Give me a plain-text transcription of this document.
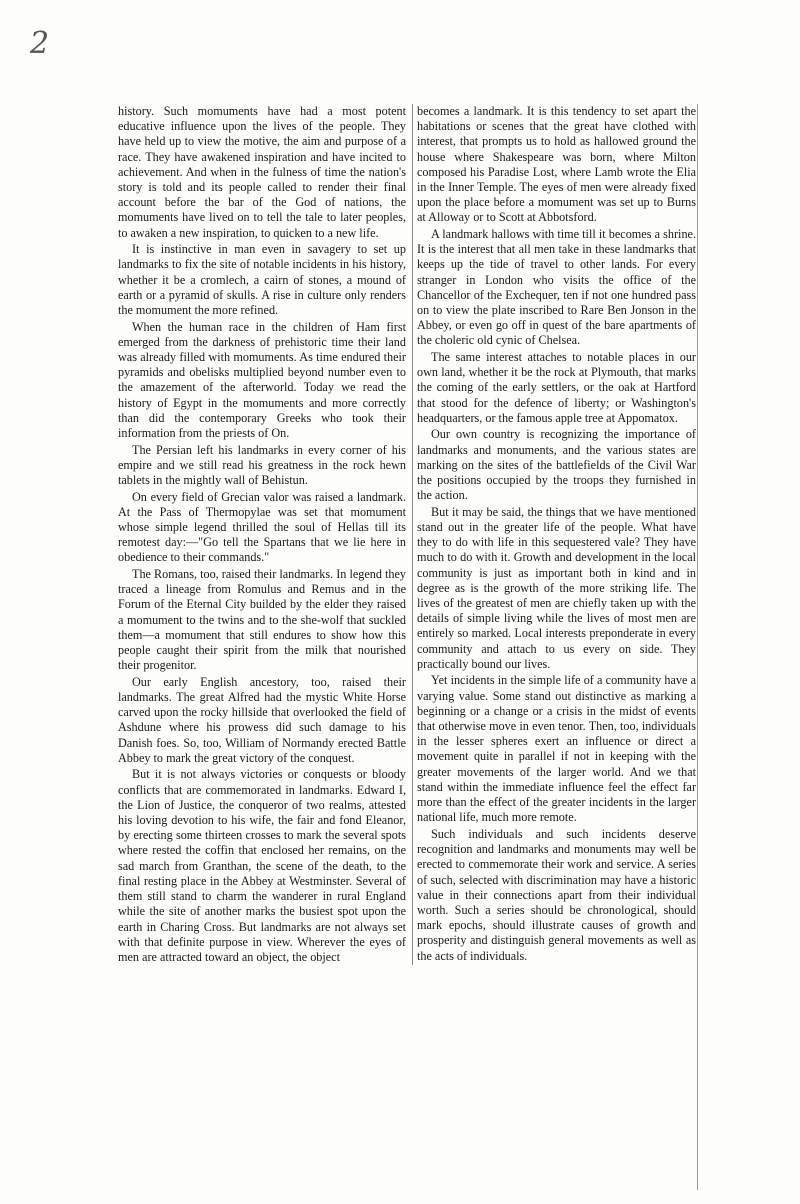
2

history. Such momuments have had a most potent educative influence upon the lives of the people. They have held up to view the motive, the aim and purpose of a race. They have awakened inspiration and have incited to achievement. And when in the fulness of time the nation's story is told and its people called to render their final account before the bar of the God of nations, the momuments have lived on to tell the tale to later peoples, to awaken a new inspiration, to quicken to a new life.

It is instinctive in man even in savagery to set up landmarks to fix the site of notable incidents in his history, whether it be a cromlech, a cairn of stones, a mound of earth or a pyramid of skulls. A rise in culture only renders the momument the more refined.

When the human race in the children of Ham first emerged from the darkness of prehistoric time their land was already filled with momuments. As time endured their pyramids and obelisks multiplied beyond number even to the amazement of the afterworld. Today we read the history of Egypt in the momuments and more correctly than did the contemporary Greeks who took their information from the priests of On.

The Persian left his landmarks in every corner of his empire and we still read his greatness in the rock hewn tablets in the mightly wall of Behistun.

On every field of Grecian valor was raised a landmark. At the Pass of Thermopylae was set that momument whose simple legend thrilled the soul of Hellas till its remotest day:—"Go tell the Spartans that we lie here in obedience to their commands."

The Romans, too, raised their landmarks. In legend they traced a lineage from Romulus and Remus and in the Forum of the Eternal City builded by the elder they raised a momument to the twins and to the she-wolf that suckled them—a momument that still endures to show how this people caught their spirit from the milk that nourished their progenitor.

Our early English ancestory, too, raised their landmarks. The great Alfred had the mystic White Horse carved upon the rocky hillside that overlooked the field of Ashdune where his prowess did such damage to his Danish foes. So, too, William of Normandy erected Battle Abbey to mark the great victory of the conquest.

But it is not always victories or conquests or bloody conflicts that are commemorated in landmarks. Edward I, the Lion of Justice, the conqueror of two realms, attested his loving devotion to his wife, the fair and fond Eleanor, by erecting some thirteen crosses to mark the several spots where rested the coffin that enclosed her remains, on the sad march from Granthan, the scene of the death, to the final resting place in the Abbey at Westminster. Several of them still stand to charm the wanderer in rural England while the site of another marks the busiest spot upon the earth in Charing Cross. But landmarks are not always set with that definite purpose in view. Wherever the eyes of men are attracted toward an object, the object

becomes a landmark. It is this tendency to set apart the habitations or scenes that the great have clothed with interest, that prompts us to hold as hallowed ground the house where Shakespeare was born, where Milton composed his Paradise Lost, where Lamb wrote the Elia in the Inner Temple. The eyes of men were already fixed upon the place before a momument was set up to Burns at Alloway or to Scott at Abbotsford.

A landmark hallows with time till it becomes a shrine. It is the interest that all men take in these landmarks that keeps up the tide of travel to other lands. For every stranger in London who visits the office of the Chancellor of the Exchequer, ten if not one hundred pass on to view the plate inscribed to Rare Ben Jonson in the Abbey, or even go off in quest of the bare apartments of the choleric old cynic of Chelsea.

The same interest attaches to notable places in our own land, whether it be the rock at Plymouth, that marks the coming of the early settlers, or the oak at Hartford that stood for the defence of liberty; or Washington's headquarters, or the famous apple tree at Appomatox.

Our own country is recognizing the importance of landmarks and monuments, and the various states are marking on the sites of the battlefields of the Civil War the positions occupied by the troops they furnished in the action.

But it may be said, the things that we have mentioned stand out in the greater life of the people. What have they to do with life in this sequestered vale? They have much to do with it. Growth and development in the local community is just as important both in kind and in degree as is the growth of the more striking life. The lives of the greatest of men are chiefly taken up with the details of simple living while the lives of most men are entirely so marked. Local interests preponderate in every community and attach to us every on side. They practically bound our lives.

Yet incidents in the simple life of a community have a varying value. Some stand out distinctive as marking a beginning or a change or a crisis in the midst of events that otherwise move in even tenor. Then, too, individuals in the lesser spheres exert an influence or direct a movement quite in parallel if not in keeping with the greater movements of the larger world. And we that stand within the immediate influence feel the effect far more than the effect of the greater incidents in the larger national life, much more remote.

Such individuals and such incidents deserve recognition and landmarks and monuments may well be erected to commemorate their work and service. A series of such, selected with discrimination may have a historic value in their connections apart from their individual worth. Such a series should be chronological, should mark epochs, should illustrate causes of growth and prosperity and distinguish general movements as well as the acts of individuals.
